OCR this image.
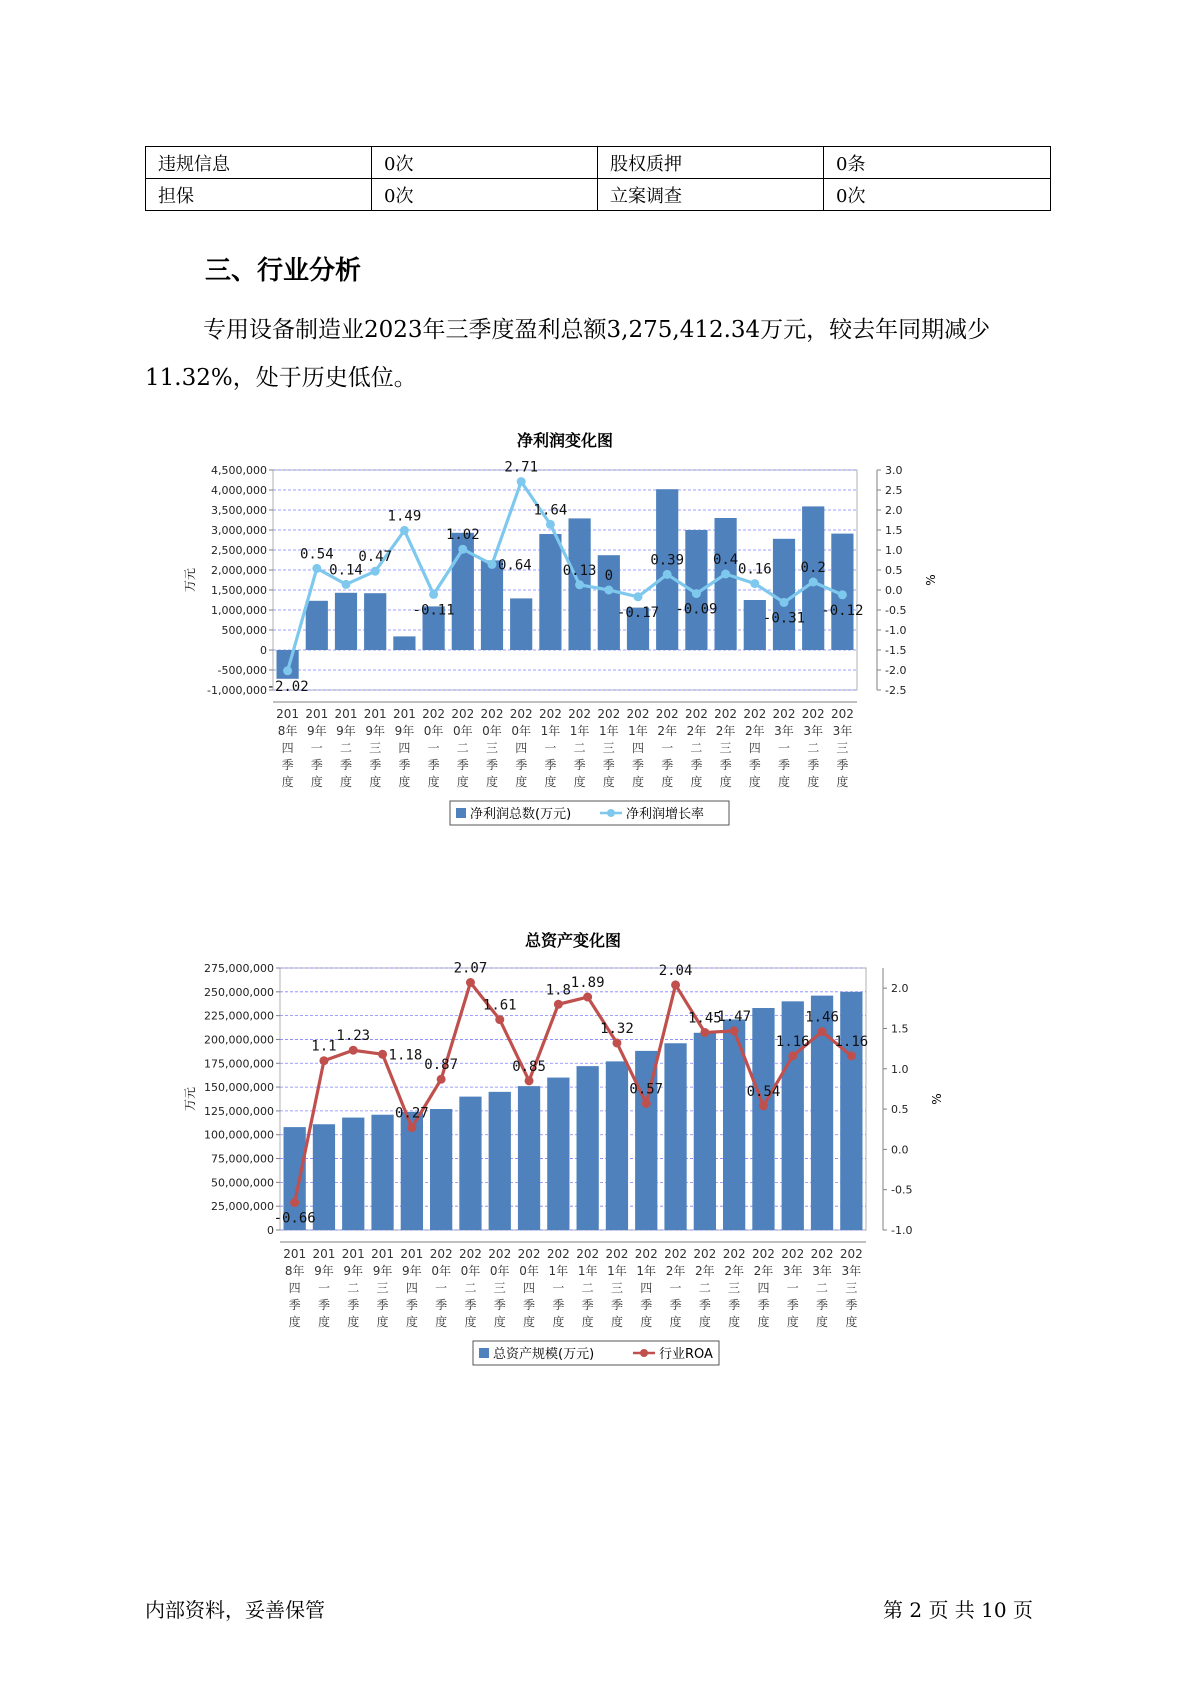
违规信息	0次	股权质押	0条
担保	0次	立案调查	0次
三、行业分析

专用设备制造业2023年三季度盈利总额3,275,412.34万元，较去年同期减少11.32%，处于历史低位。

净利润变化图
-1,000,000
-500,000
0
500,000
1,000,000
1,500,000
2,000,000
2,500,000
3,000,000
3,500,000
4,000,000
4,500,000
-2.5
-2.0
-1.5
-1.0
-0.5
0.0
0.5
1.0
1.5
2.0
2.5
3.0
万元	%
-2.02
0.54
0.14
0.47
1.49
-0.11
1.02
0.64
2.71
1.64
0.13 0
-0.17
0.39
-0.09
0.4
0.16
-0.31
0.2
-0.12
201
8年
四
季
度
201
9年
一
季
度
201
9年
二
季
度
201
9年
三
季
度
201
9年
四
季
度
202
0年
一
季
度
202
0年
二
季
度
202
0年
三
季
度
202
0年
四
季
度
202
1年
一
季
度
202
1年
二
季
度
202
1年
三
季
度
202
1年
四
季
度
202
2年
一
季
度
202
2年
二
季
度
202
2年
三
季
度
202
2年
四
季
度
202
3年
一
季
度
202
3年
二
季
度
202
3年
三
季
度
净利润总数(万元)	净利润增长率
总资产变化图
0
25,000,000
50,000,000
75,000,000
100,000,000
125,000,000
150,000,000
175,000,000
200,000,000
225,000,000
250,000,000
275,000,000
-1.0
-0.5
0.0
0.5
1.0
1.5
2.0
万元	%
-0.66
1.1
1.23
1.18
0.27
0.87
2.07
1.61
0.85
1.8 1.89
1.32
0.57
2.04
1.45
1.47
0.54
1.16
1.46
1.16
201
8年
四
季
度
201
9年
一
季
度
201
9年
二
季
度
201
9年
三
季
度
201
9年
四
季
度
202
0年
一
季
度
202
0年
二
季
度
202
0年
三
季
度
202
0年
四
季
度
202
1年
一
季
度
202
1年
二
季
度
202
1年
三
季
度
202
1年
四
季
度
202
2年
一
季
度
202
2年
二
季
度
202
2年
三
季
度
202
2年
四
季
度
202
3年
一
季
度
202
3年
二
季
度
202
3年
三
季
度
总资产规模(万元)	行业ROA
内部资料，妥善保管	第 2 页 共 10 页
